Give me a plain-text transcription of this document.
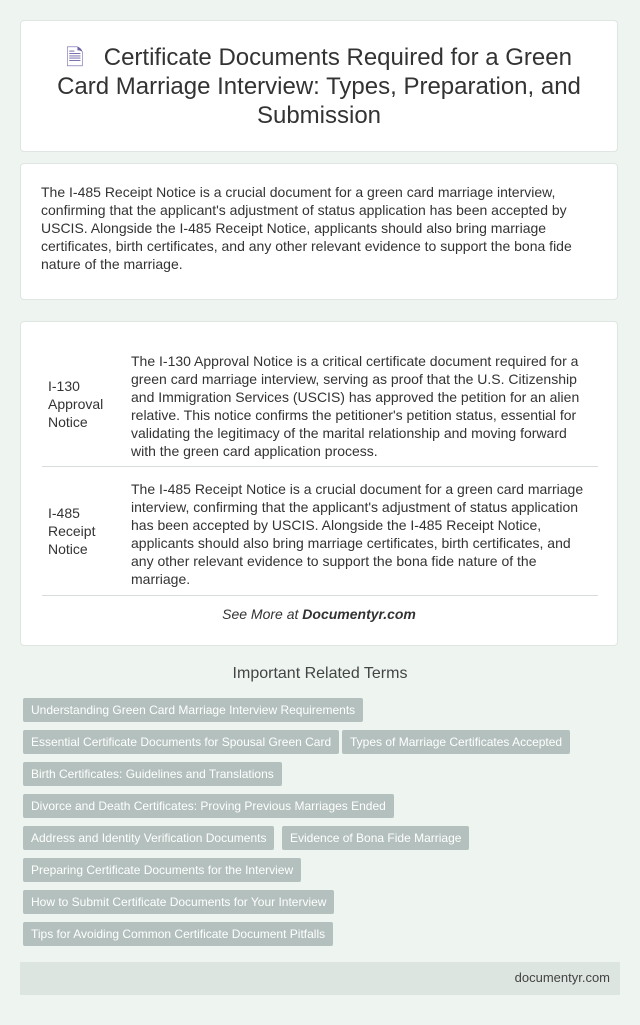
🗎 Certificate Documents Required for a Green Card Marriage Interview: Types, Preparation, and Submission
The I-485 Receipt Notice is a crucial document for a green card marriage interview, confirming that the applicant's adjustment of status application has been accepted by USCIS. Alongside the I-485 Receipt Notice, applicants should also bring marriage certificates, birth certificates, and any other relevant evidence to support the bona fide nature of the marriage.
I-130 Approval Notice	The I-130 Approval Notice is a critical certificate document required for a green card marriage interview, serving as proof that the U.S. Citizenship and Immigration Services (USCIS) has approved the petition for an alien relative. This notice confirms the petitioner's petition status, essential for validating the legitimacy of the marital relationship and moving forward with the green card application process.
I-485 Receipt Notice	The I-485 Receipt Notice is a crucial document for a green card marriage interview, confirming that the applicant's adjustment of status application has been accepted by USCIS. Alongside the I-485 Receipt Notice, applicants should also bring marriage certificates, birth certificates, and any other relevant evidence to support the bona fide nature of the marriage.
See More at Documentyr.com
Important Related Terms
Understanding Green Card Marriage Interview Requirements
Essential Certificate Documents for Spousal Green Card	Types of Marriage Certificates Accepted
Birth Certificates: Guidelines and Translations
Divorce and Death Certificates: Proving Previous Marriages Ended
Address and Identity Verification Documents	Evidence of Bona Fide Marriage
Preparing Certificate Documents for the Interview
How to Submit Certificate Documents for Your Interview
Tips for Avoiding Common Certificate Document Pitfalls
documentyr.com
